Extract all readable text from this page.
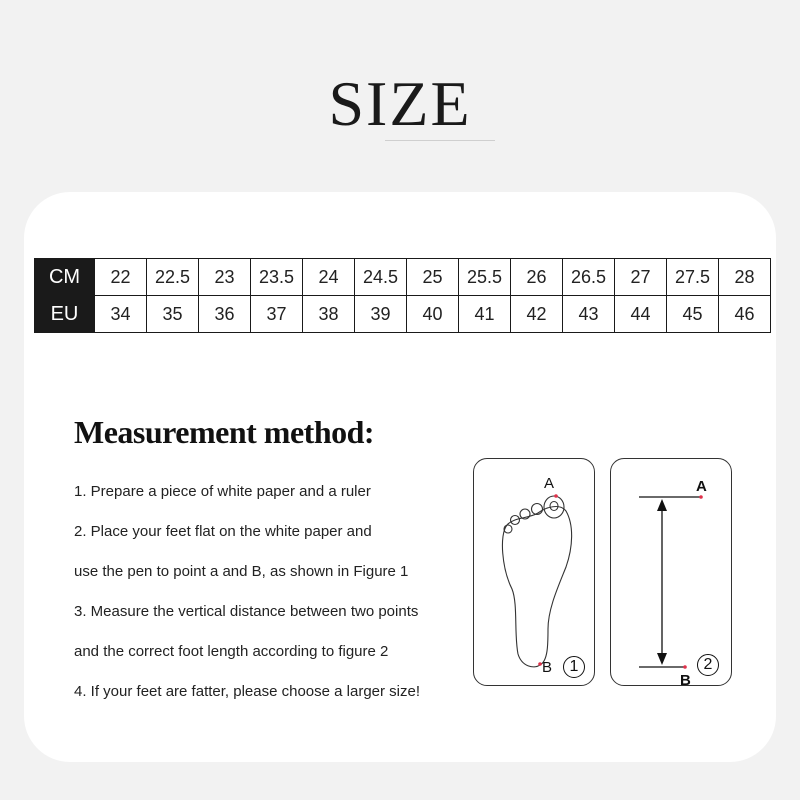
SIZE
CM	22	22.5	23	23.5	24	24.5	25	25.5	26	26.5	27	27.5	28
EU	34	35	36	37	38	39	40	41	42	43	44	45	46
Measurement method:
1. Prepare a piece of white paper and a ruler
2. Place your feet flat on the white paper and
use the pen to point a and B, as shown in Figure 1
3. Measure the vertical distance between two points
and the correct foot length according to figure 2
4. If your feet are fatter, please choose a larger size!
A
B	1
A
B
2
